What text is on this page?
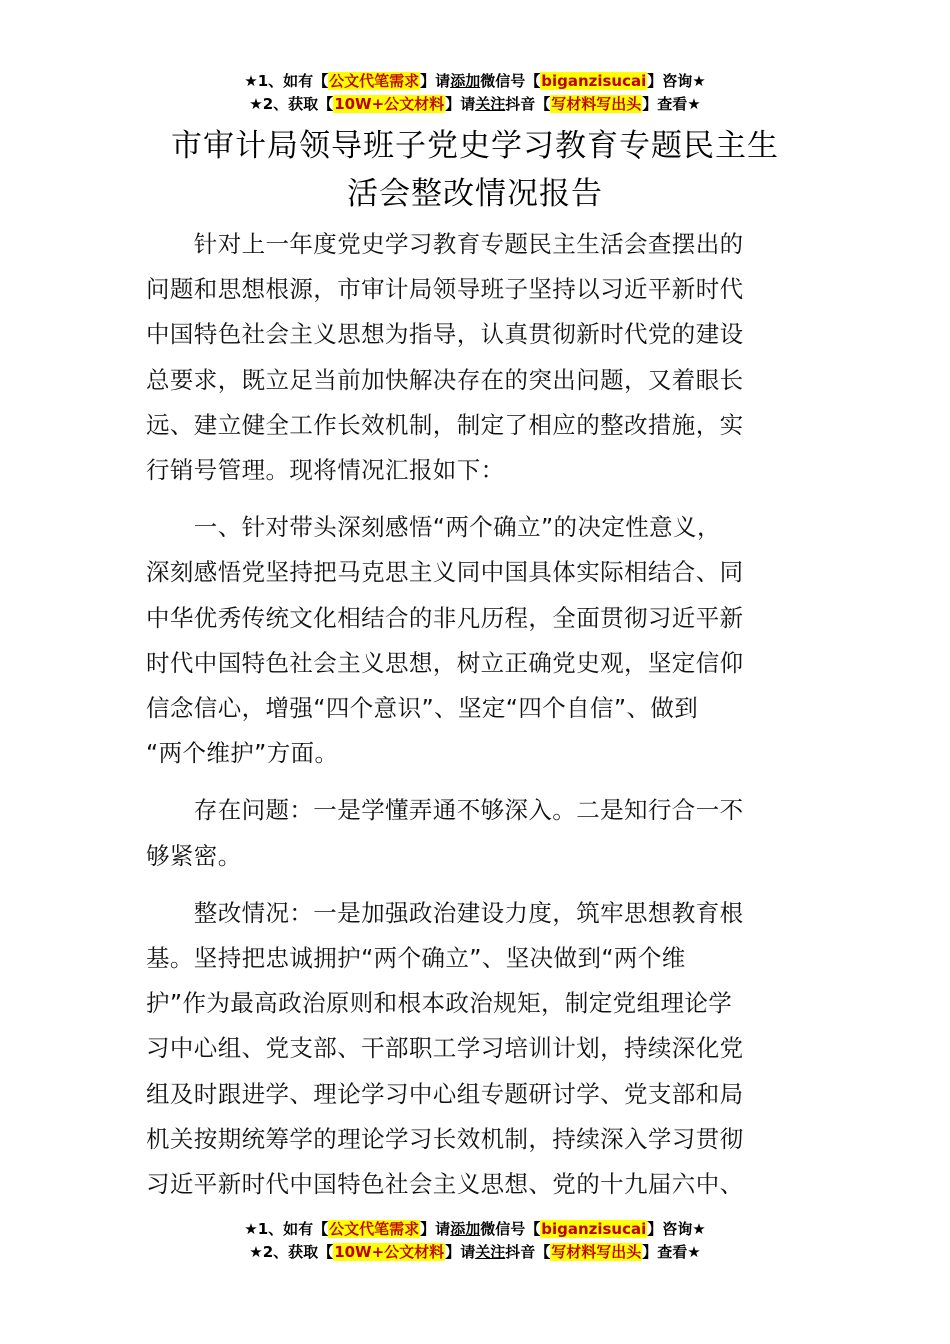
★1、如有【公文代笔需求】请添加微信号【biganzisucai】咨询★
★2、获取【10W+公文材料】请关注抖音【写材料写出头】查看★
市审计局领导班子党史学习教育专题民主生
活会整改情况报告

　　针对上一年度党史学习教育专题民主生活会查摆出的
问题和思想根源，市审计局领导班子坚持以习近平新时代
中国特色社会主义思想为指导，认真贯彻新时代党的建设
总要求，既立足当前加快解决存在的突出问题，又着眼长
远、建立健全工作长效机制，制定了相应的整改措施，实
行销号管理。现将情况汇报如下：

　　一、针对带头深刻感悟“两个确立”的决定性意义，
深刻感悟党坚持把马克思主义同中国具体实际相结合、同
中华优秀传统文化相结合的非凡历程，全面贯彻习近平新
时代中国特色社会主义思想，树立正确党史观，坚定信仰
信念信心，增强“四个意识”、坚定“四个自信”、做到
“两个维护”方面。

　　存在问题：一是学懂弄通不够深入。二是知行合一不
够紧密。

　　整改情况：一是加强政治建设力度，筑牢思想教育根
基。坚持把忠诚拥护“两个确立”、坚决做到“两个维
护”作为最高政治原则和根本政治规矩，制定党组理论学
习中心组、党支部、干部职工学习培训计划，持续深化党
组及时跟进学、理论学习中心组专题研讨学、党支部和局
机关按期统筹学的理论学习长效机制，持续深入学习贯彻
习近平新时代中国特色社会主义思想、党的十九届六中、

★1、如有【公文代笔需求】请添加微信号【biganzisucai】咨询★
★2、获取【10W+公文材料】请关注抖音【写材料写出头】查看★
